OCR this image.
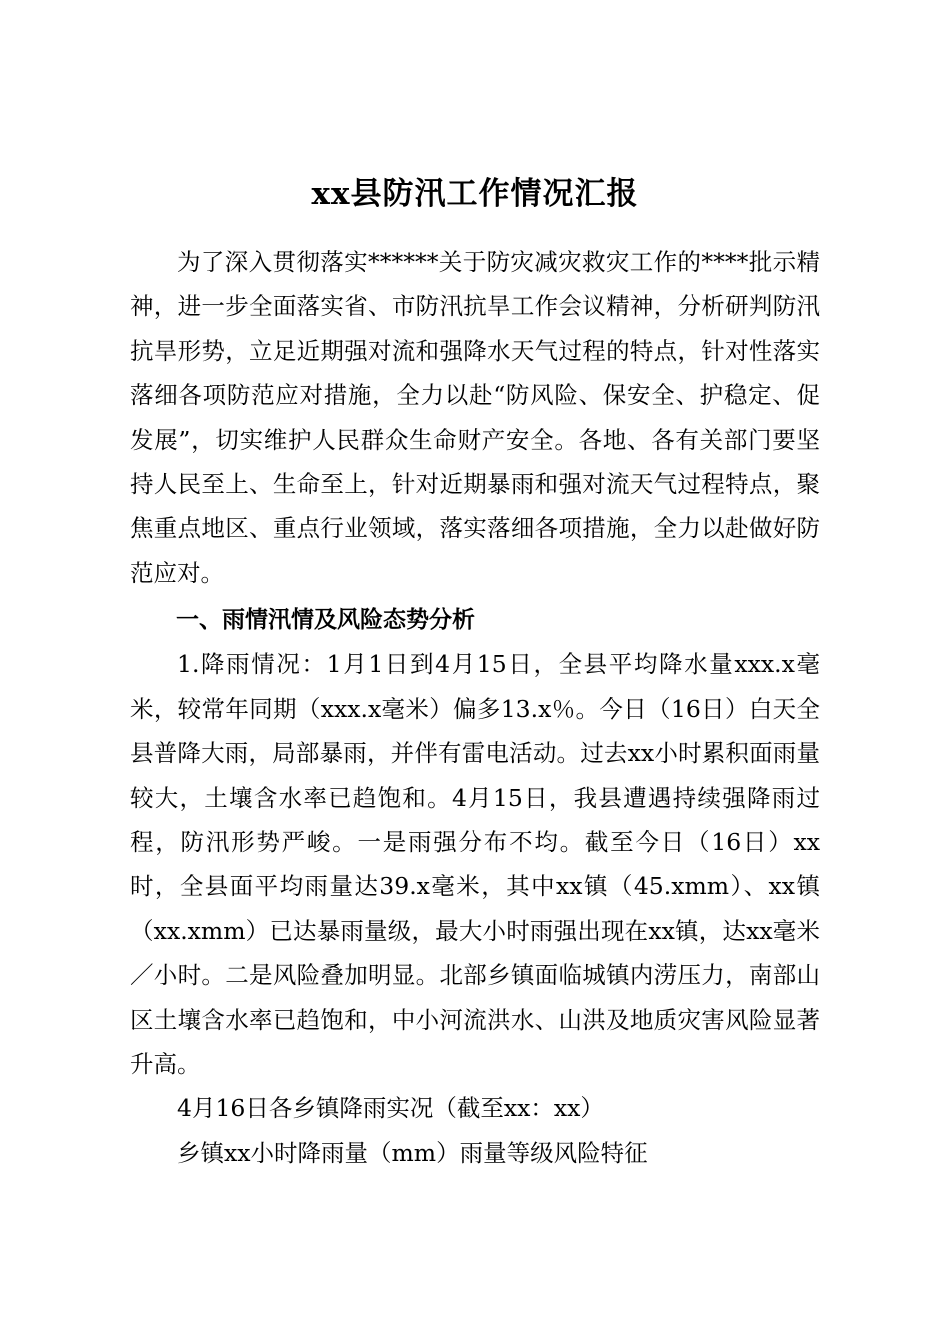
xx县防汛工作情况汇报

为了深入贯彻落实******关于防灾减灾救灾工作的****批示精神，进一步全面落实省、市防汛抗旱工作会议精神，分析研判防汛抗旱形势，立足近期强对流和强降水天气过程的特点，针对性落实落细各项防范应对措施，全力以赴“防风险、保安全、护稳定、促发展”，切实维护人民群众生命财产安全。各地、各有关部门要坚持人民至上、生命至上，针对近期暴雨和强对流天气过程特点，聚焦重点地区、重点行业领域，落实落细各项措施，全力以赴做好防范应对。

一、雨情汛情及风险态势分析

1.降雨情况：1月1日到4月15日，全县平均降水量xxx.x毫米，较常年同期（xxx.x毫米）偏多13.x％。今日（16日）白天全县普降大雨，局部暴雨，并伴有雷电活动。过去xx小时累积面雨量较大，土壤含水率已趋饱和。4月15日，我县遭遇持续强降雨过程，防汛形势严峻。一是雨强分布不均。截至今日（16日）xx时，全县面平均雨量达39.x毫米，其中xx镇（45.xmm）、xx镇（xx.xmm）已达暴雨量级，最大小时雨强出现在xx镇，达xx毫米／小时。二是风险叠加明显。北部乡镇面临城镇内涝压力，南部山区土壤含水率已趋饱和，中小河流洪水、山洪及地质灾害风险显著升高。

4月16日各乡镇降雨实况（截至xx：xx）

乡镇xx小时降雨量（mm）雨量等级风险特征
